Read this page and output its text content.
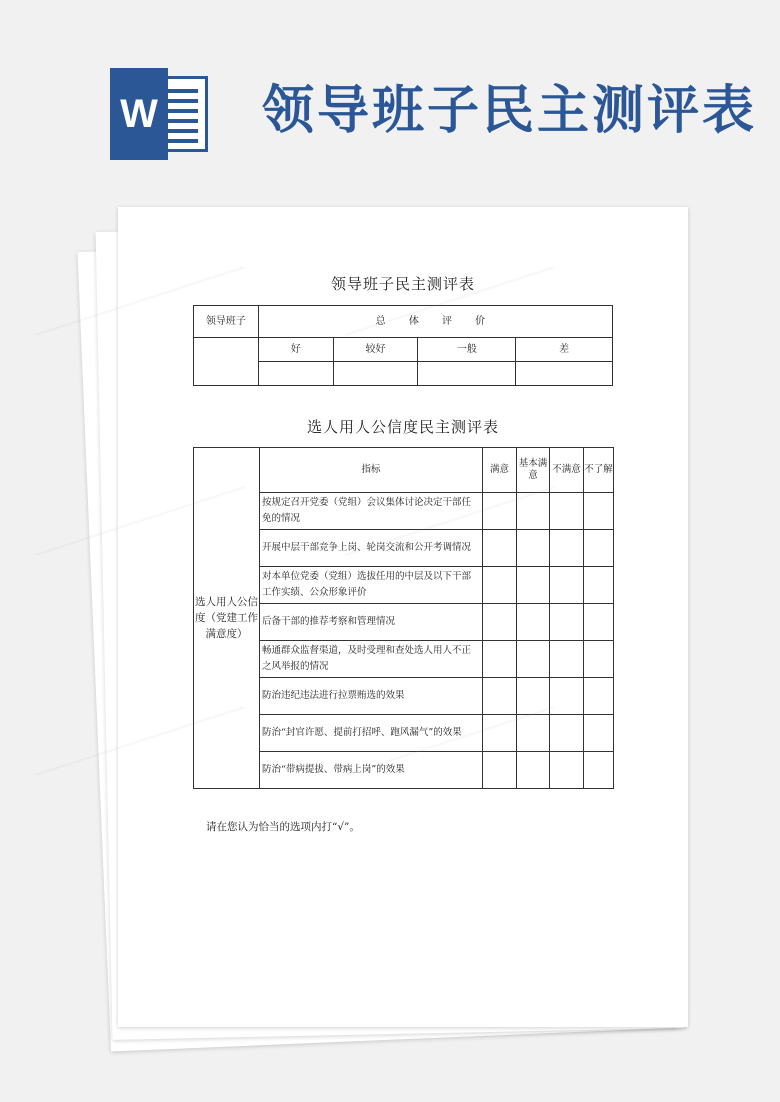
W 领导班子民主测评表
领导班子民主测评表
领导班子	总 体 评 价			
	好	较好	一般	差

选人用人公信度民主测评表
选人用人公信度（党建工作满意度）	指标	满意	基本满意	不满意	不了解
	按规定召开党委（党组）会议集体讨论决定干部任免的情况				
	开展中层干部竞争上岗、轮岗交流和公开考调情况				
	对本单位党委（党组）选拔任用的中层及以下干部工作实绩、公众形象评价				
	后备干部的推荐考察和管理情况				
	畅通群众监督渠道，及时受理和查处选人用人不正之风举报的情况				
	防治违纪违法进行拉票贿选的效果				
	防治“封官许愿、提前打招呼、跑风漏气”的效果				
	防治“带病提拔、带病上岗”的效果				
请在您认为恰当的选项内打“√”。
